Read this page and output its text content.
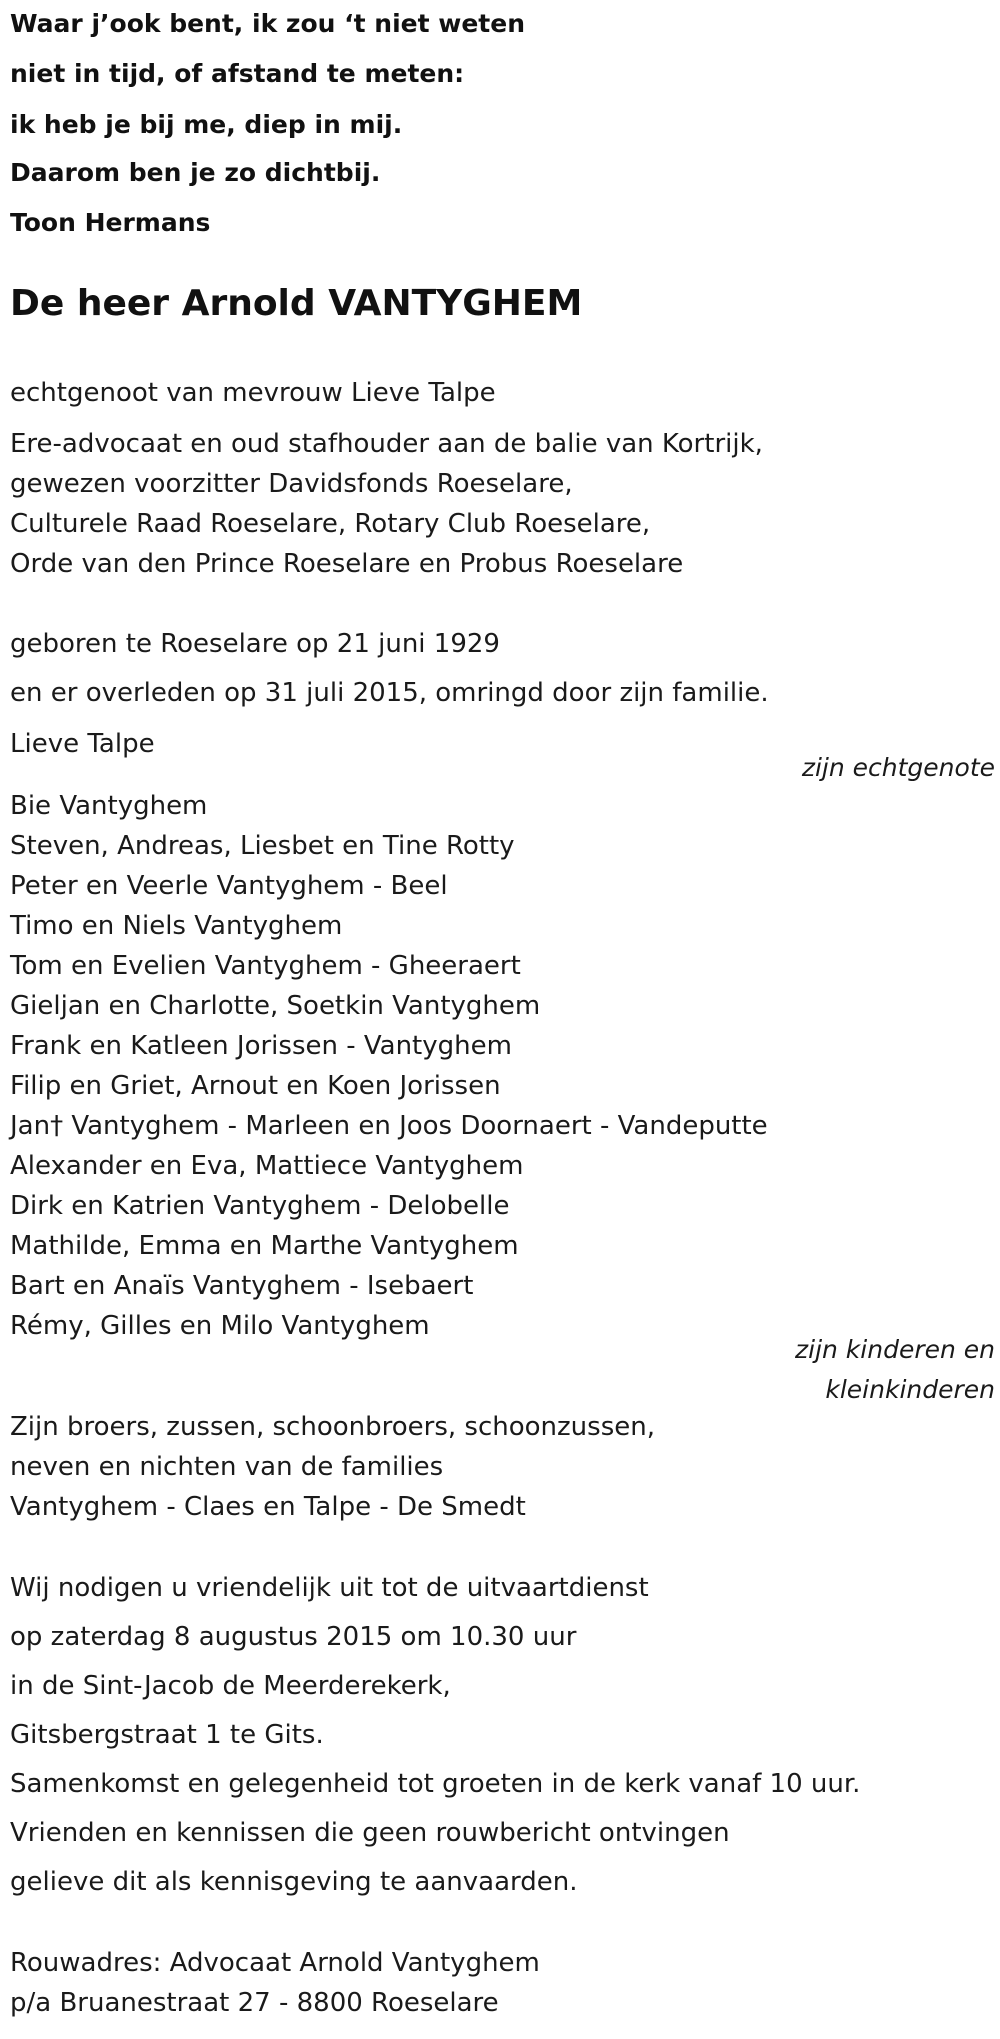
Waar j’ook bent, ik zou ‘t niet weten
niet in tijd, of afstand te meten:
ik heb je bij me, diep in mij.
Daarom ben je zo dichtbij.
Toon Hermans
De heer Arnold VANTYGHEM
echtgenoot van mevrouw Lieve Talpe
Ere-advocaat en oud stafhouder aan de balie van Kortrijk,
gewezen voorzitter Davidsfonds Roeselare,
Culturele Raad Roeselare, Rotary Club Roeselare,
Orde van den Prince Roeselare en Probus Roeselare
geboren te Roeselare op 21 juni 1929
en er overleden op 31 juli 2015, omringd door zijn familie.
Lieve Talpe
zijn echtgenote
Bie Vantyghem
Steven, Andreas, Liesbet en Tine Rotty
Peter en Veerle Vantyghem - Beel
Timo en Niels Vantyghem
Tom en Evelien Vantyghem - Gheeraert
Gieljan en Charlotte, Soetkin Vantyghem
Frank en Katleen Jorissen - Vantyghem
Filip en Griet, Arnout en Koen Jorissen
Jan† Vantyghem - Marleen en Joos Doornaert - Vandeputte
Alexander en Eva, Mattiece Vantyghem
Dirk en Katrien Vantyghem - Delobelle
Mathilde, Emma en Marthe Vantyghem
Bart en Anaïs Vantyghem - Isebaert
Rémy, Gilles en Milo Vantyghem
zijn kinderen en
kleinkinderen
Zijn broers, zussen, schoonbroers, schoonzussen,
neven en nichten van de families
Vantyghem - Claes en Talpe - De Smedt
Wij nodigen u vriendelijk uit tot de uitvaartdienst
op zaterdag 8 augustus 2015 om 10.30 uur
in de Sint-Jacob de Meerderekerk,
Gitsbergstraat 1 te Gits.
Samenkomst en gelegenheid tot groeten in de kerk vanaf 10 uur.
Vrienden en kennissen die geen rouwbericht ontvingen
gelieve dit als kennisgeving te aanvaarden.
Rouwadres: Advocaat Arnold Vantyghem
p/a Bruanestraat 27 - 8800 Roeselare
